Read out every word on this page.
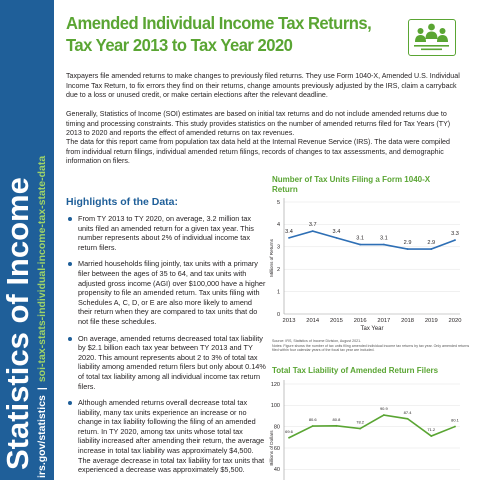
Statistics of Income irs.gov/statistics|soi-tax-stats-individual-income-tax-state-data
Amended Individual Income Tax Returns,
Tax Year 2013 to Tax Year 2020

Taxpayers file amended returns to make changes to previously filed returns. They use Form 1040-X, Amended U.S. Individual Income Tax Return, to fix errors they find on their returns, change amounts previously adjusted by the IRS, claim a carryback due to a loss or unused credit, or make certain elections after the relevant deadline.

Generally, Statistics of Income (SOI) estimates are based on initial tax returns and do not include amended returns due to timing and processing constraints. This study provides statistics on the number of amended returns filed for Tax Years (TY) 2013 to 2020 and reports the effect of amended returns on tax revenues.

The data for this report came from population tax data held at the Internal Revenue Service (IRS). The data were compiled from individual return filings, individual amended return filings, records of changes to tax assessments, and demographic information on filers.

Highlights of the Data:
From TY 2013 to TY 2020, on average, 3.2 million tax units filed an amended return for a given tax year. This number represents about 2% of individual income tax return filers.
Married households filing jointly, tax units with a primary filer between the ages of 35 to 64, and tax units with adjusted gross income (AGI) over $100,000 have a higher propensity to file an amended return. Tax units filing with Schedules A, C, D, or E are also more likely to amend their return when they are compared to tax units that do not file these schedules.
On average, amended returns decreased total tax liability by $2.1 billion each tax year between TY 2013 and TY 2020. This amount represents about 2 to 3% of total tax liability among amended return filers but only about 0.14% of total tax liability among all individual income tax return filers.
Although amended returns overall decrease total tax liability, many tax units experience an increase or no change in tax liability following the filing of an amended return. In TY 2020, among tax units whose total tax liability increased after amending their return, the average increase in total tax liability was approximately $4,500. The average decrease in total tax liability for tax units that experienced a decrease was approximately $5,500.
Number of Tax Units Filing a Form 1040-X Return
0
1
2
3
4
5
2013 2014 2015 2016 2017 2018 2019 2020
Tax Year
Millions of Returns
3.4
3.7
3.4
3.1	3.1
2.9	2.9
3.3
Source: IRS, Statistics of Income Division, August 2021.
Notes: Figure shows the number of tax units filing amended individual income tax returns by tax year. Only amended returns filed within four calendar years of the focal tax year are included.
Total Tax Liability of Amended Return Filers
40
60
80
100
120
Billions of Dollars	69.6
80.6	80.8
78.2
90.9
87.4
71.2
80.1
